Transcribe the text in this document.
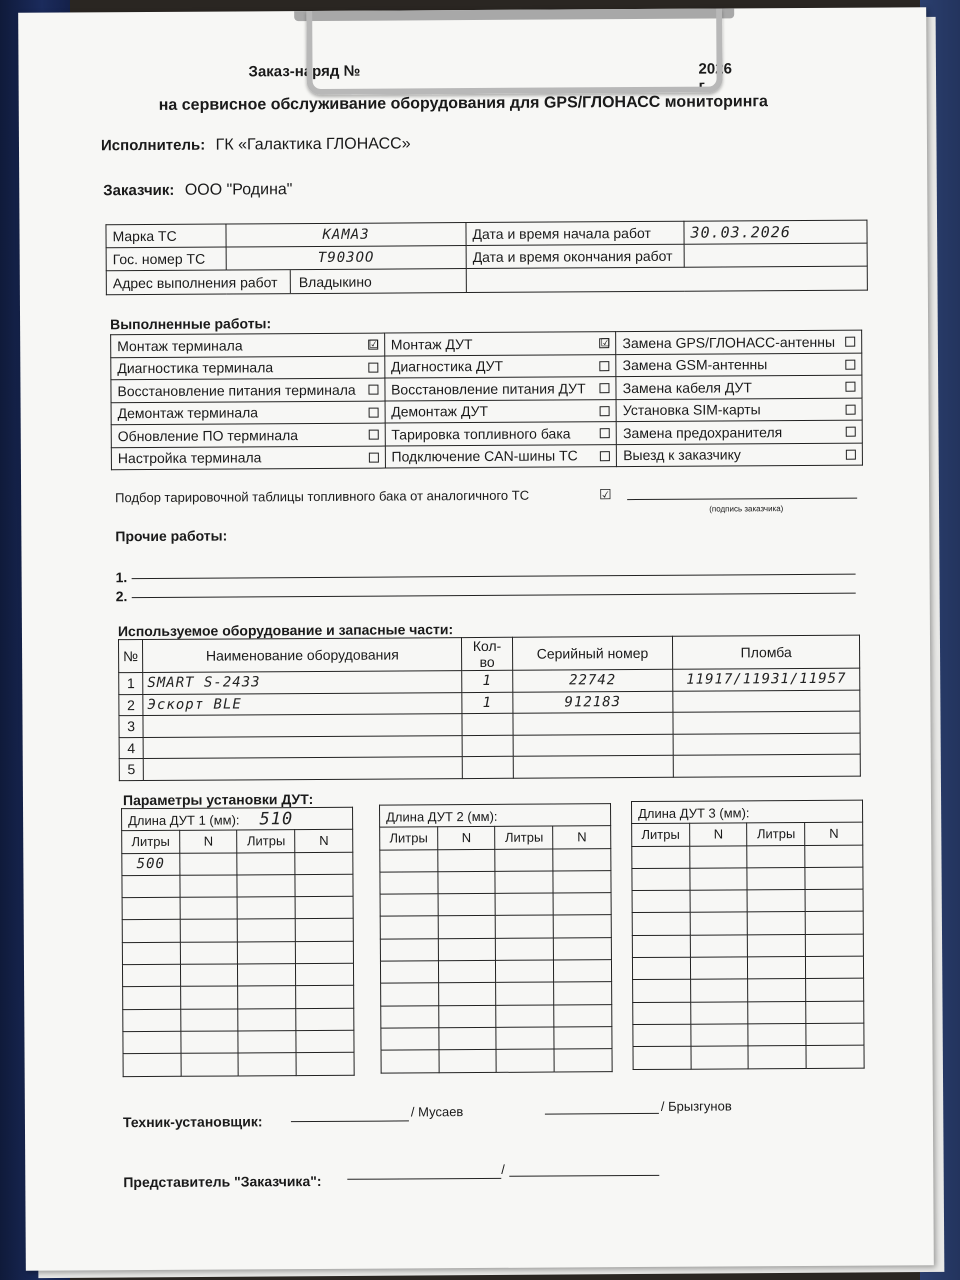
Заказ-наряд №	2026 г.
на сервисное обслуживание оборудования для GPS/ГЛОНАСС мониторинга
Исполнитель: ГК «Галактика ГЛОНАСС»
Заказчик: ООО "Родина"
Марка ТС	КАМАЗ	Дата и время начала работ	30.03.2026
Гос. номер ТС	Т903ОО	Дата и время окончания работ	

Адрес выполнения работ Владыкино			

Выполненные работы:
Монтаж терминала ☑	Монтаж ДУТ ☑	Замена GPS/ГЛОНАСС-антенны

Диагностика терминала	Диагностика ДУТ	Замена GSM-антенны

Восстановление питания терминала	Восстановление питания ДУТ	Замена кабеля ДУТ

Демонтаж терминала	Демонтаж ДУТ	Установка SIM-карты

Обновление ПО терминала	Тарировка топливного бака	Замена предохранителя

Настройка терминала	Подключение CAN-шины ТС	Выезд к заказчику
Подбор тарировочной таблицы топливного бака от аналогичного ТС	☑
(подпись заказчика)
Прочие работы:
1.
2.
Используемое оборудование и запасные части:
№	Наименование оборудования	Кол-во	Серийный номер	Пломба
1	SMART S-2433	1	22742	11917/11931/11957
2	Эскорт BLE	1	912183	
3				
4				
5				
Параметры установки ДУТ:
Длина ДУТ 1 (мм): 510			
Литры	N	Литры	N
500			

Длина ДУТ 2 (мм):			
Литры	N	Литры	N

Длина ДУТ 3 (мм):			
Литры	N	Литры	N

Техник-установщик:
/ Мусаев	/ Брызгунов
Представитель "Заказчика":
/
